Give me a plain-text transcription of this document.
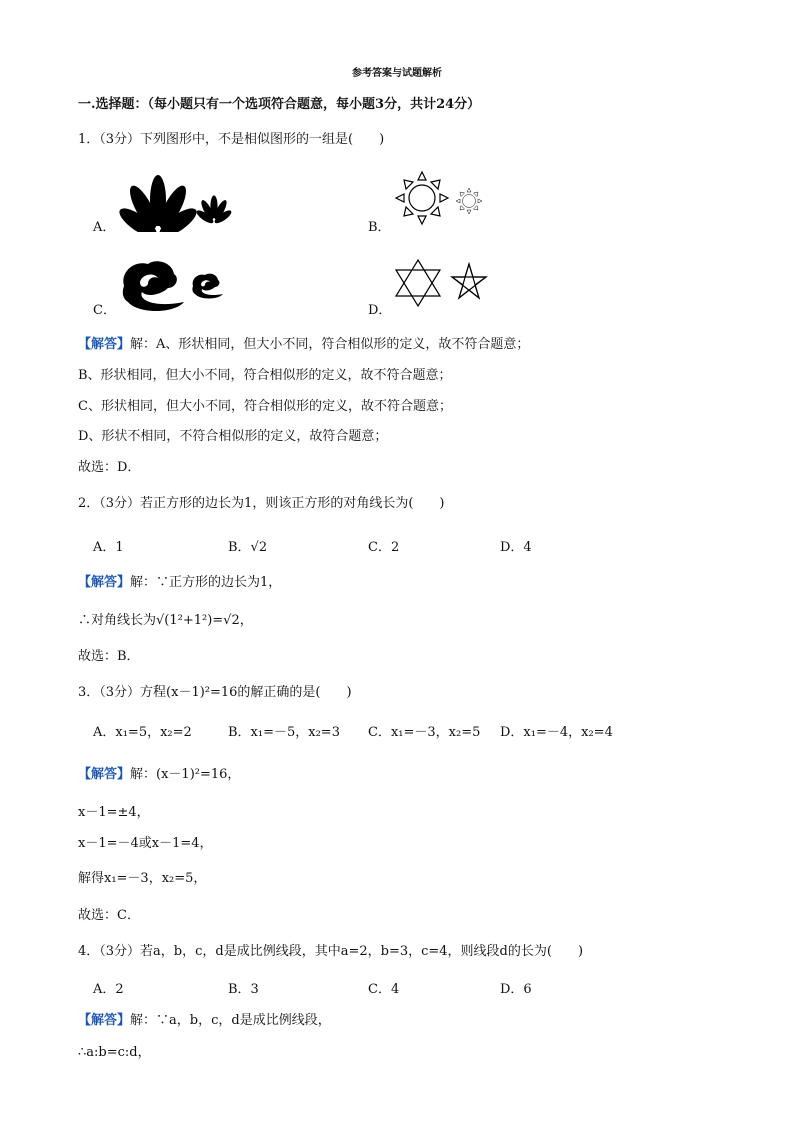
参考答案与试题解析
一.选择题：（每小题只有一个选项符合题意，每小题3分，共计24分）
1．（3分）下列图形中，不是相似图形的一组是(　　)
A．	B．
C．	D．
【解答】解：A、形状相同，但大小不同，符合相似形的定义，故不符合题意；
B、形状相同，但大小不同，符合相似形的定义，故不符合题意；
C、形状相同，但大小不同，符合相似形的定义，故不符合题意；
D、形状不相同，不符合相似形的定义，故符合题意；
故选：D．
2．（3分）若正方形的边长为1，则该正方形的对角线长为(　　)
A．1	B．√2	C．2	D．4
【解答】解：∵正方形的边长为1，
∴对角线长为√(1²+1²)=√2，
故选：B．
3．（3分）方程(x－1)²=16的解正确的是(　　)
A．x₁=5，x₂=2	B．x₁=－5，x₂=3 C．x₁=－3，x₂=5 D．x₁=－4，x₂=4
【解答】解：(x－1)²=16，
x－1=±4，
x－1=－4或x－1=4，
解得x₁=－3，x₂=5，
故选：C．
4．（3分）若a，b，c，d是成比例线段，其中a=2，b=3，c=4，则线段d的长为(　　)
A．2	B．3	C．4	D．6
【解答】解：∵a，b，c，d是成比例线段，
∴a:b=c:d，
